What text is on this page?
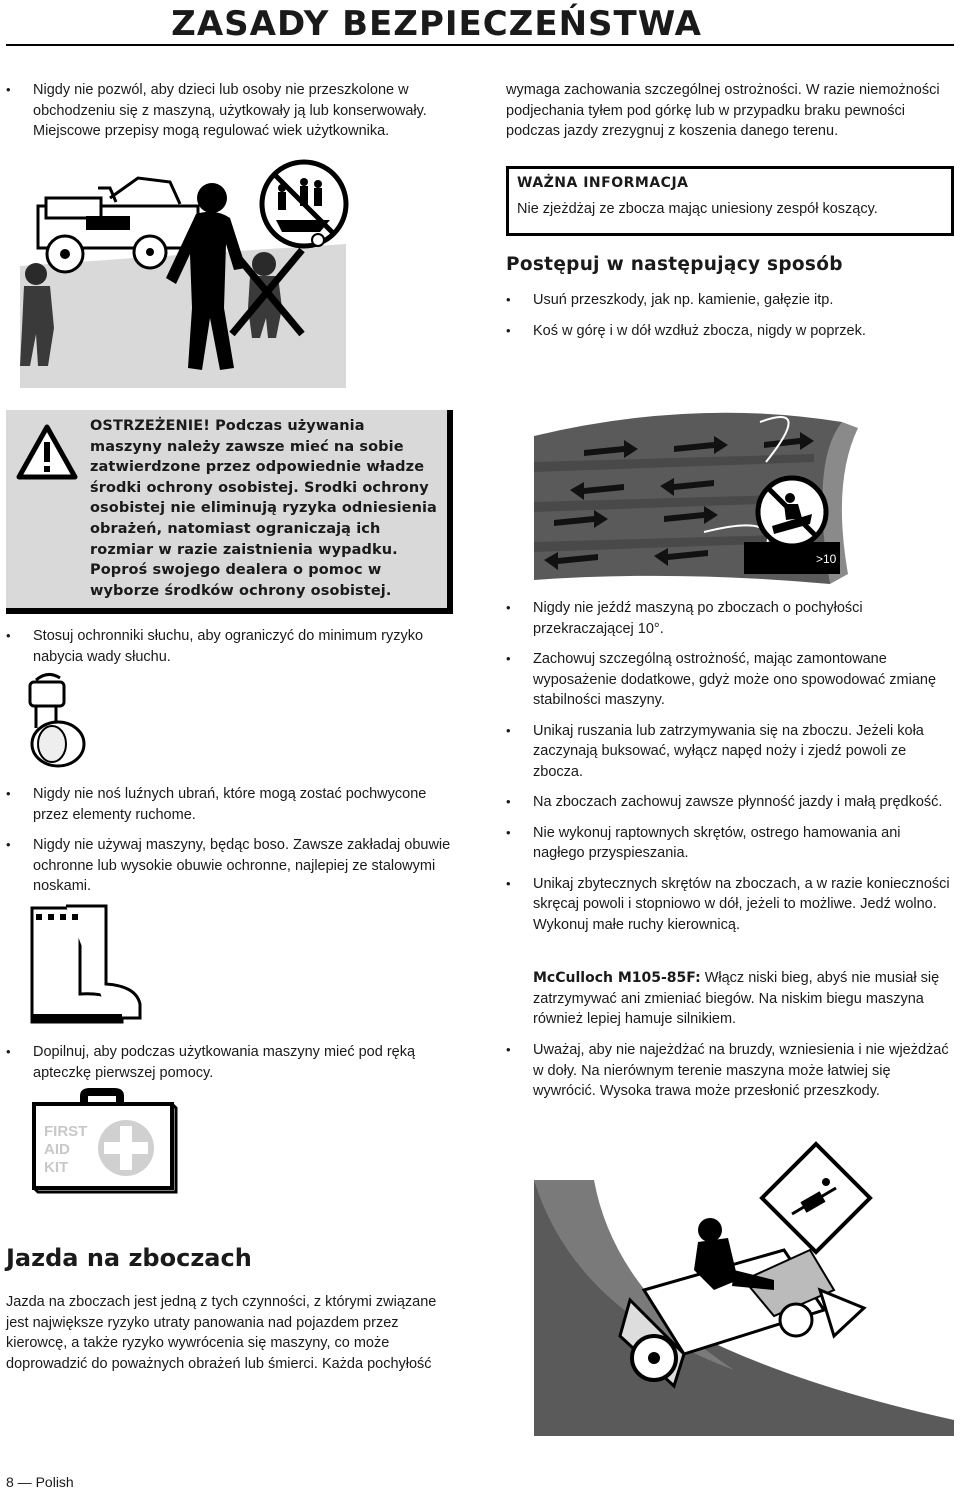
ZASADY BEZPIECZEŃSTWA
• Nigdy nie pozwól, aby dzieci lub osoby nie przeszkolone w obchodzeniu się z maszyną, użytkowały ją lub konserwowały. Miejscowe przepisy mogą regulować wiek użytkownika.
OSTRZEŻENIE! Podczas używania maszyny należy zawsze mieć na sobie zatwierdzone przez odpowiednie władze środki ochrony osobistej. Srodki ochrony osobistej nie eliminują ryzyka odniesienia obrażeń, natomiast ograniczają ich rozmiar w razie zaistnienia wypadku. Poproś swojego dealera o pomoc w wyborze środków ochrony osobistej.
• Stosuj ochronniki słuchu, aby ograniczyć do minimum ryzyko nabycia wady słuchu.
• Nigdy nie noś luźnych ubrań, które mogą zostać pochwycone przez elementy ruchome.
• Nigdy nie używaj maszyny, będąc boso. Zawsze zakładaj obuwie ochronne lub wysokie obuwie ochronne, najlepiej ze stalowymi noskami.
• Dopilnuj, aby podczas użytkowania maszyny mieć pod ręką apteczkę pierwszej pomocy.
FIRST
AID
KIT
Jazda na zboczach
Jazda na zboczach jest jedną z tych czynności, z którymi związane jest największe ryzyko utraty panowania nad pojazdem przez kierowcę, a także ryzyko wywrócenia się maszyny, co może doprowadzić do poważnych obrażeń lub śmierci. Każda pochyłość
8 — Polish
wymaga zachowania szczególnej ostrożności. W razie niemożności podjechania tyłem pod górkę lub w przypadku braku pewności podczas jazdy zrezygnuj z koszenia danego terenu.
WAŻNA INFORMACJA
Nie zjeżdżaj ze zbocza mając uniesiony zespół koszący.
Postępuj w następujący sposób
• Usuń przeszkody, jak np. kamienie, gałęzie itp.
• Koś w górę i w dół wzdłuż zbocza, nigdy w poprzek.
>10
• Nigdy nie jeźdź maszyną po zboczach o pochyłości przekraczającej 10°.
• Zachowuj szczególną ostrożność, mając zamontowane wyposażenie dodatkowe, gdyż może ono spowodować zmianę stabilności maszyny.
• Unikaj ruszania lub zatrzymywania się na zboczu. Jeżeli koła zaczynają buksować, wyłącz napęd noży i zjedź powoli ze zbocza.
• Na zboczach zachowuj zawsze płynność jazdy i małą prędkość.
• Nie wykonuj raptownych skrętów, ostrego hamowania ani nagłego przyspieszania.
• Unikaj zbytecznych skrętów na zboczach, a w razie konieczności skręcaj powoli i stopniowo w dół, jeżeli to możliwe. Jedź wolno. Wykonuj małe ruchy kierownicą.
McCulloch M105-85F: Włącz niski bieg, abyś nie musiał się zatrzymywać ani zmieniać biegów. Na niskim biegu maszyna również lepiej hamuje silnikiem.
• Uważaj, aby nie najeżdżać na bruzdy, wzniesienia i nie wjeżdżać w doły. Na nierównym terenie maszyna może łatwiej się wywrócić. Wysoka trawa może przesłonić przeszkody.
